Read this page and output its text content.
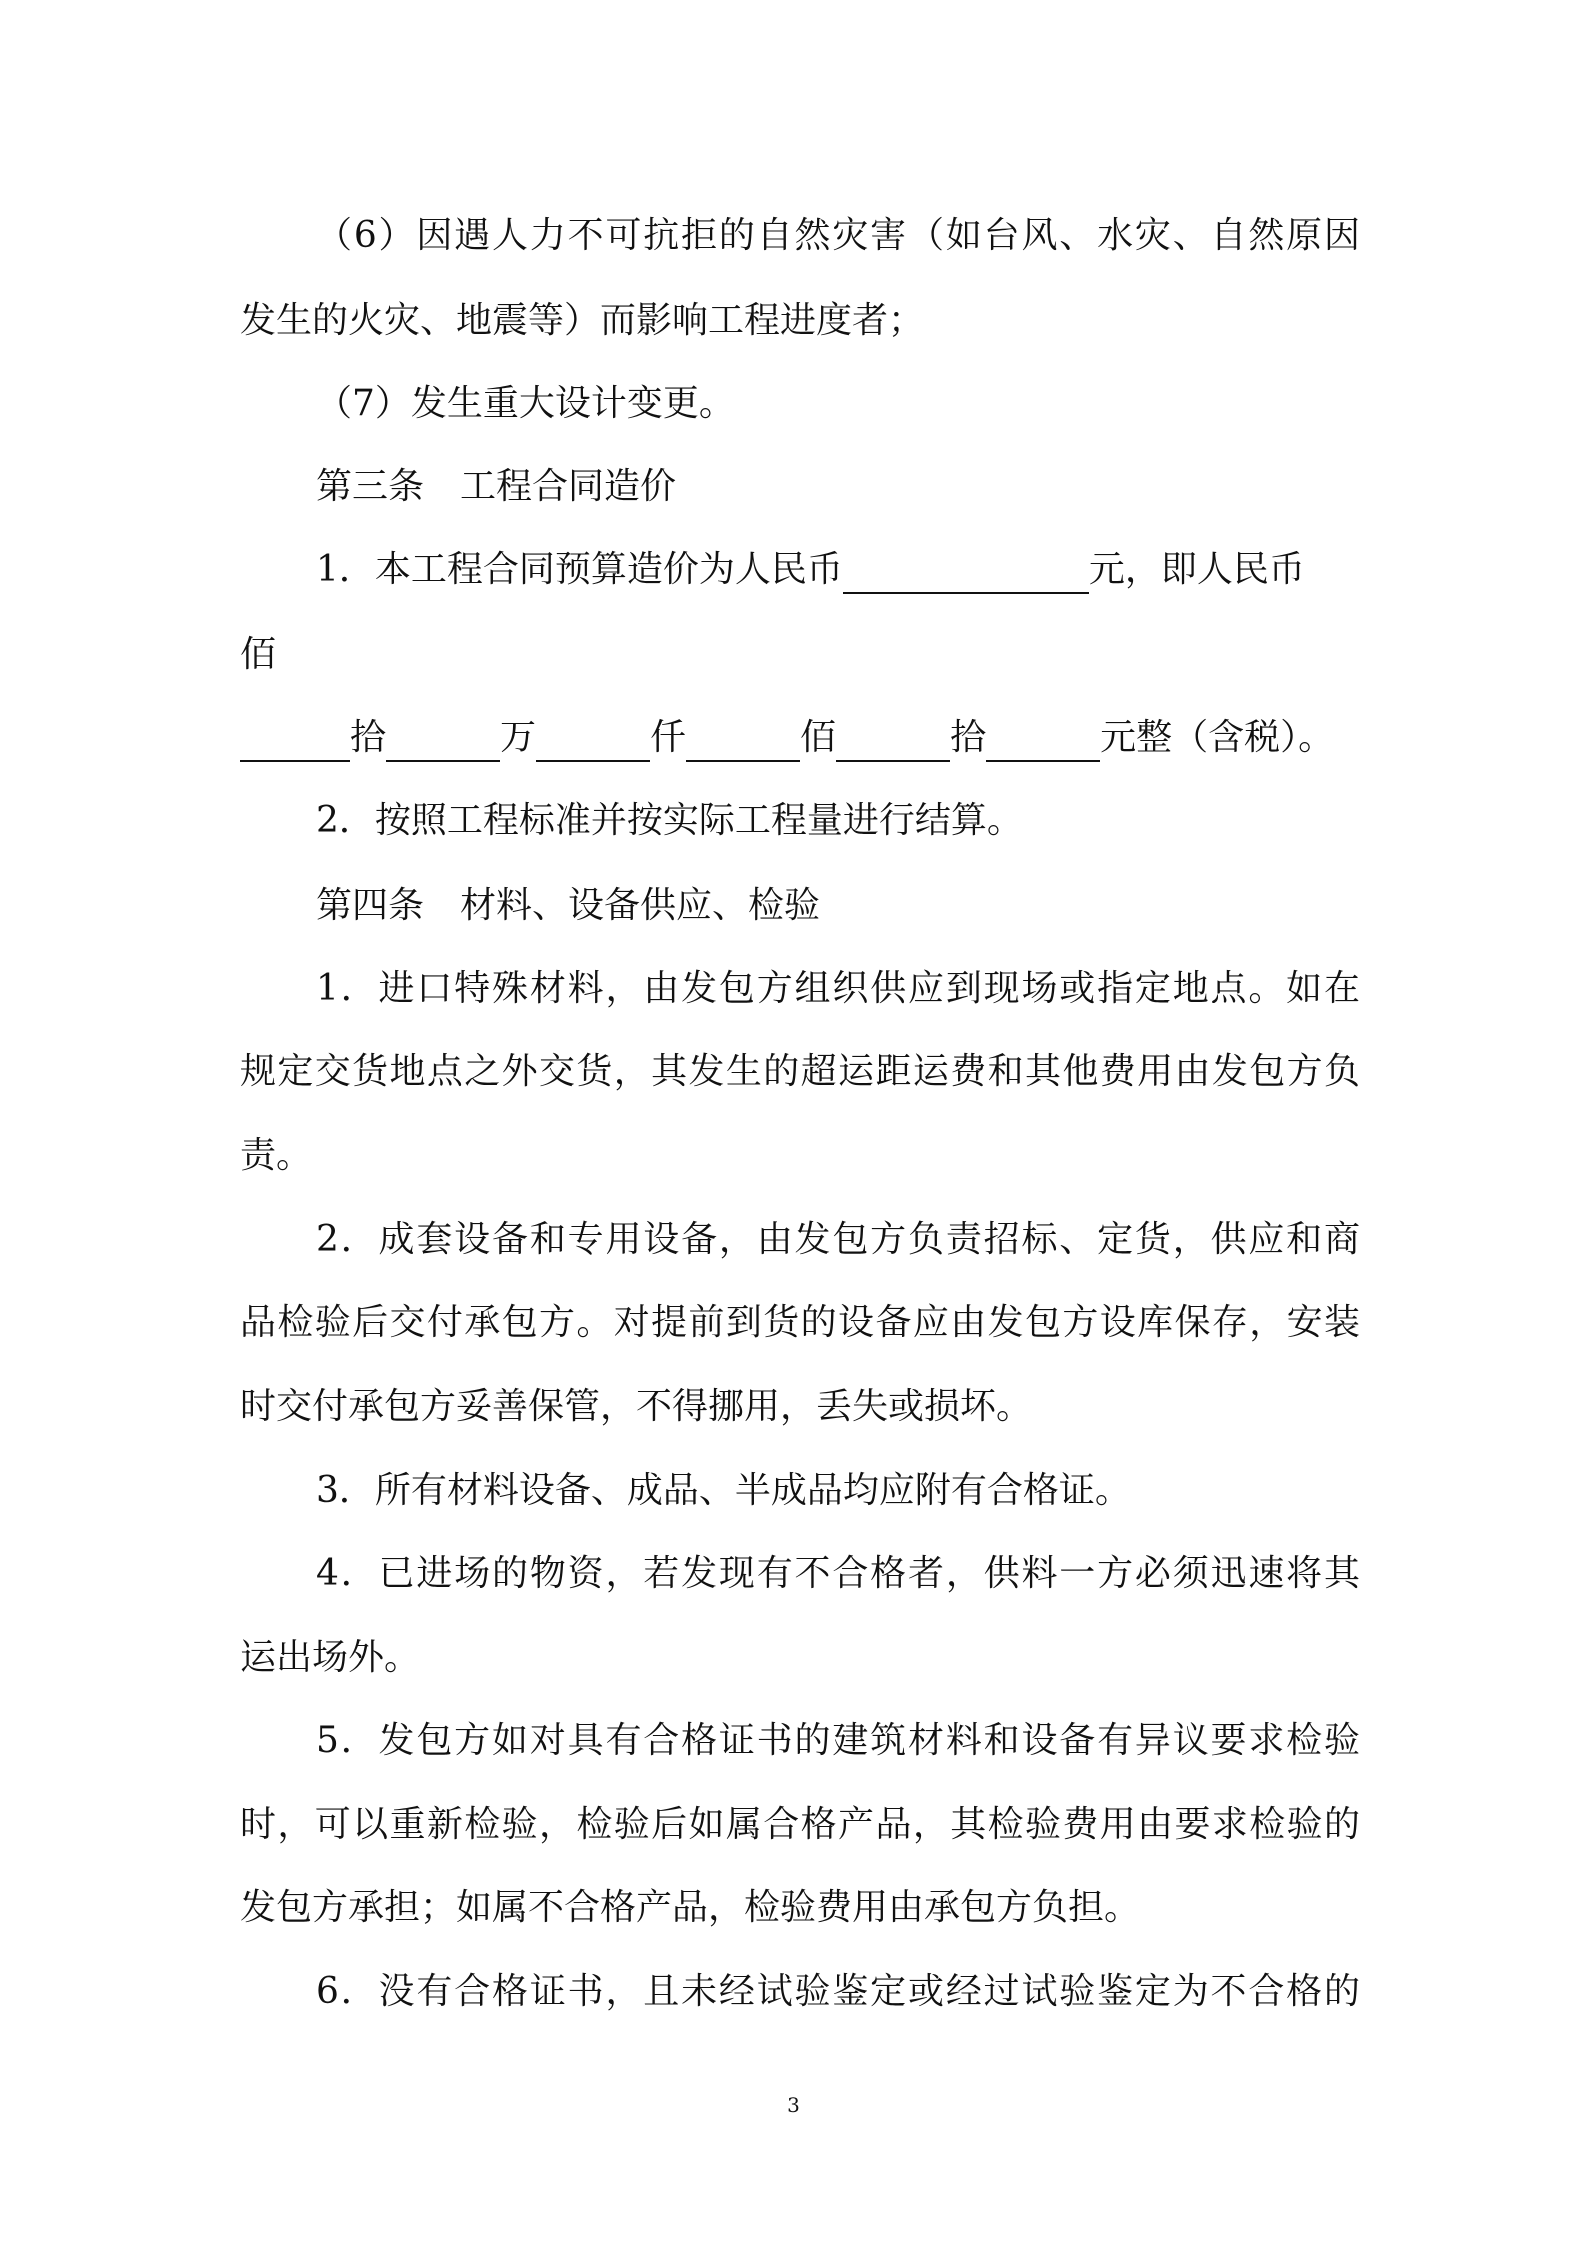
（6）因遇人力不可抗拒的自然灾害（如台风、水灾、自然原因
发生的火灾、地震等）而影响工程进度者；
（7）发生重大设计变更。
第三条　工程合同造价
1．本工程合同预算造价为人民币	元，即人民币
佰
拾	万	仟	佰	拾	元整（含税）。
2．按照工程标准并按实际工程量进行结算。
第四条　材料、设备供应、检验
1．进口特殊材料，由发包方组织供应到现场或指定地点。如在
规定交货地点之外交货，其发生的超运距运费和其他费用由发包方负
责。
2．成套设备和专用设备，由发包方负责招标、定货，供应和商
品检验后交付承包方。对提前到货的设备应由发包方设库保存，安装
时交付承包方妥善保管，不得挪用，丢失或损坏。
3．所有材料设备、成品、半成品均应附有合格证。
4．已进场的物资，若发现有不合格者，供料一方必须迅速将其
运出场外。
5．发包方如对具有合格证书的建筑材料和设备有异议要求检验
时，可以重新检验，检验后如属合格产品，其检验费用由要求检验的
发包方承担；如属不合格产品，检验费用由承包方负担。
6．没有合格证书，且未经试验鉴定或经过试验鉴定为不合格的
3
